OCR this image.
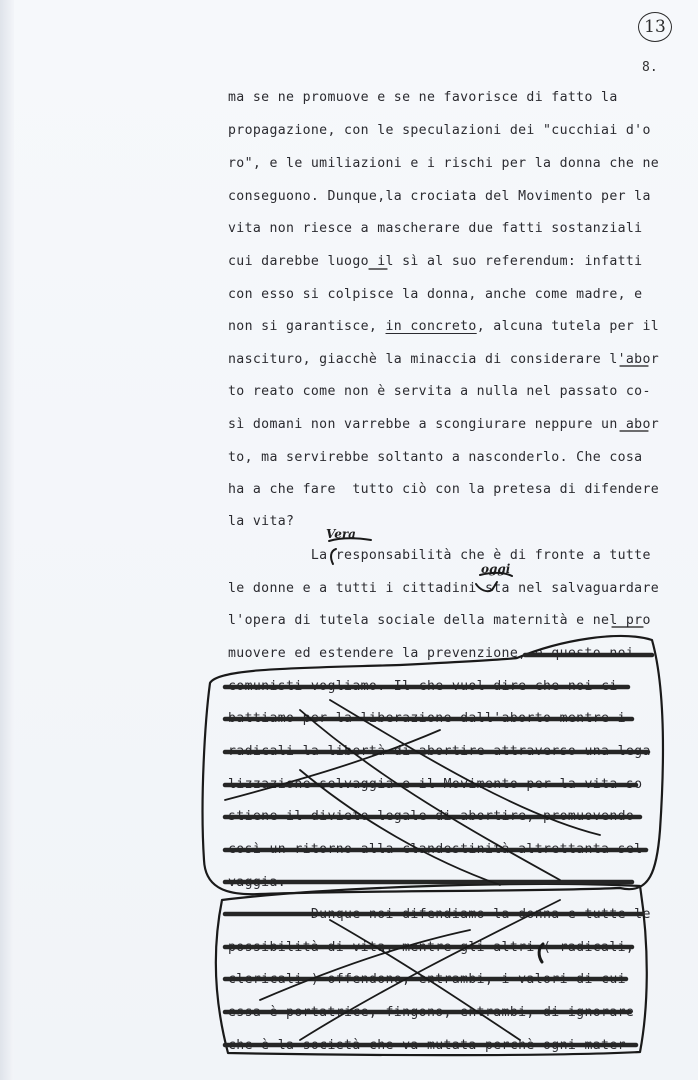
13
8.
ma se ne promuove e se ne favorisce di fatto la
propagazione, con le speculazioni dei "cucchiai d'o
ro", e le umiliazioni e i rischi per la donna che ne
conseguono. Dunque,la crociata del Movimento per la
vita non riesce a mascherare due fatti sostanziali
cui darebbe luogo il sì al suo referendum: infatti
con esso si colpisce la donna, anche come madre, e
non si garantisce, in concreto, alcuna tutela per il
nascituro, giacchè la minaccia di considerare l'abor
to reato come non è servita a nulla nel passato co-
sì domani non varrebbe a scongiurare neppure un abor
to, ma servirebbe soltanto a nasconderlo. Che cosa
ha a che fare  tutto ciò con la pretesa di difendere
la vita?
La responsabilità che è di fronte a tutte
le donne e a tutti i cittadini sta nel salvaguardare
l'opera di tutela sociale della maternità e nel pro
muovere ed estendere la prevenzione, e questo noi
comunisti vogliamo. Il che vuol dire che noi ci
battiamo per la liberazione dall'aborto mentre i
radicali la libertà di abortire attraverso una lega
lizzazione selvaggia e il Movimento per la vita so
stiene il divieto legale di abortire, promuovendo
così un ritorno alla clandestinità altrettanta sel-
vaggia.
Dunque noi difendiamo la donna e tutte le
possibilità di vita, mentre gli altri ( radicali,
clericali ) offendono, entrambi, i valori di cui
essa è portatrice, fingono, entrambi, di ignorare
che è la società che va mutata perchè ogni mater
Vera
oggi
